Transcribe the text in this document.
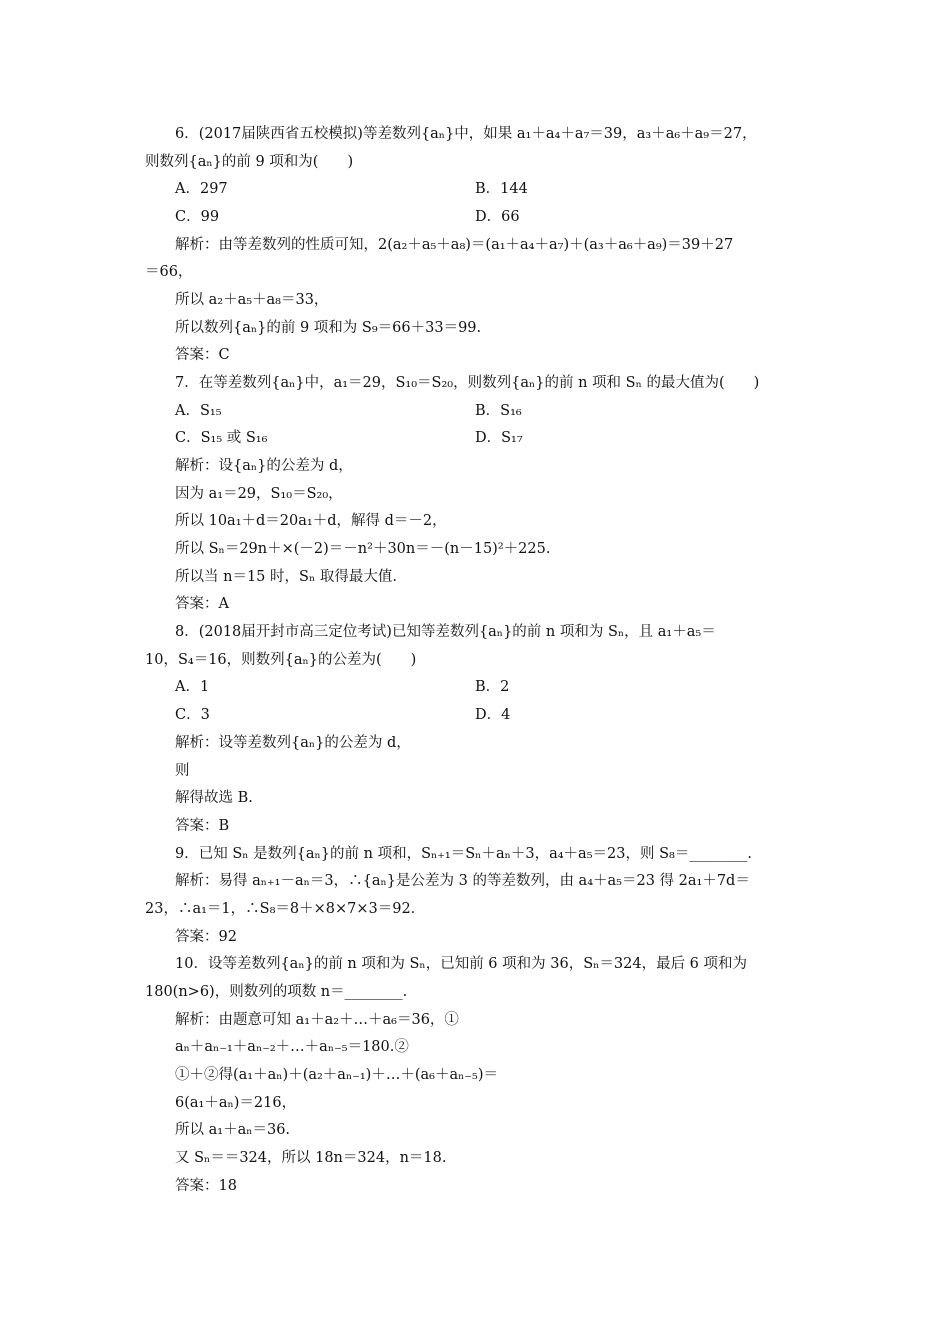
6．(2017届陕西省五校模拟)等差数列{aₙ}中，如果 a₁＋a₄＋a₇＝39，a₃＋a₆＋a₉＝27，
则数列{aₙ}的前 9 项和为(　　)
A．297	B．144
C．99	D．66
解析：由等差数列的性质可知，2(a₂＋a₅＋a₈)＝(a₁＋a₄＋a₇)＋(a₃＋a₆＋a₉)＝39＋27
＝66，
所以 a₂＋a₅＋a₈＝33，
所以数列{aₙ}的前 9 项和为 S₉＝66＋33＝99.
答案：C
7．在等差数列{aₙ}中，a₁＝29，S₁₀＝S₂₀，则数列{aₙ}的前 n 项和 Sₙ 的最大值为(　　)
A．S₁₅	B．S₁₆
C．S₁₅ 或 S₁₆	D．S₁₇
解析：设{aₙ}的公差为 d，
因为 a₁＝29，S₁₀＝S₂₀，
所以 10a₁＋d＝20a₁＋d，解得 d＝－2，
所以 Sₙ＝29n＋×(－2)＝－n²＋30n＝－(n－15)²＋225.
所以当 n＝15 时，Sₙ 取得最大值.
答案：A
8．(2018届开封市高三定位考试)已知等差数列{aₙ}的前 n 项和为 Sₙ，且 a₁＋a₅＝
10，S₄＝16，则数列{aₙ}的公差为(　　)
A．1	B．2
C．3	D．4
解析：设等差数列{aₙ}的公差为 d，
则
解得故选 B.
答案：B
9．已知 Sₙ 是数列{aₙ}的前 n 项和，Sₙ₊₁＝Sₙ＋aₙ＋3，a₄＋a₅＝23，则 S₈＝________.
解析：易得 aₙ₊₁－aₙ＝3，∴{aₙ}是公差为 3 的等差数列，由 a₄＋a₅＝23 得 2a₁＋7d＝
23，∴a₁＝1，∴S₈＝8＋×8×7×3＝92.
答案：92
10．设等差数列{aₙ}的前 n 项和为 Sₙ，已知前 6 项和为 36，Sₙ＝324，最后 6 项和为
180(n>6)，则数列的项数 n＝________.
解析：由题意可知 a₁＋a₂＋…＋a₆＝36，①
aₙ＋aₙ₋₁＋aₙ₋₂＋…＋aₙ₋₅＝180.②
①＋②得(a₁＋aₙ)＋(a₂＋aₙ₋₁)＋…＋(a₆＋aₙ₋₅)＝
6(a₁＋aₙ)＝216，
所以 a₁＋aₙ＝36.
又 Sₙ＝＝324，所以 18n＝324，n＝18.
答案：18
